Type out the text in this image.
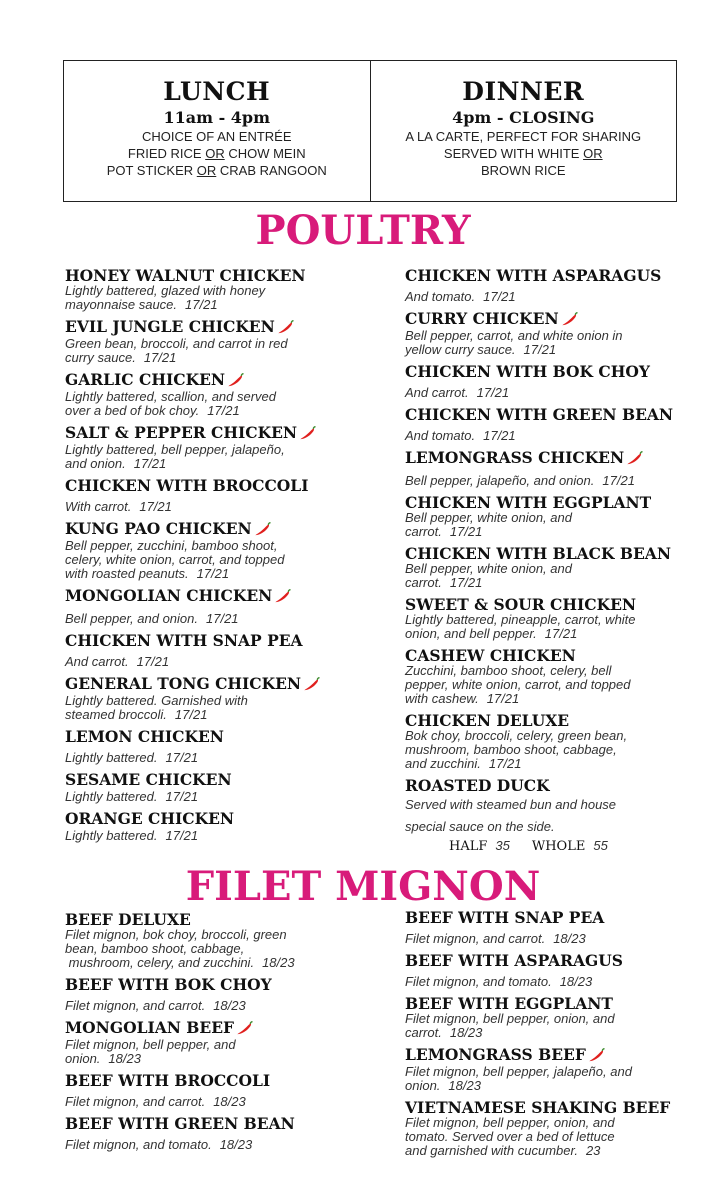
LUNCH
11am - 4pm
CHOICE OF AN ENTRÉE
FRIED RICE OR CHOW MEIN
POT STICKER OR CRAB RANGOON
DINNER
4pm - CLOSING
A LA CARTE, PERFECT FOR SHARING
SERVED WITH WHITE OR
BROWN RICE
POULTRY
HONEY WALNUT CHICKEN
Lightly battered, glazed with honey
mayonnaise sauce. 17/21
EVIL JUNGLE CHICKEN
Green bean, broccoli, and carrot in red
curry sauce. 17/21
GARLIC CHICKEN
Lightly battered, scallion, and served
over a bed of bok choy. 17/21
SALT & PEPPER CHICKEN
Lightly battered, bell pepper, jalapeño,
and onion. 17/21
CHICKEN WITH BROCCOLI
With carrot. 17/21
KUNG PAO CHICKEN
Bell pepper, zucchini, bamboo shoot,
celery, white onion, carrot, and topped
with roasted peanuts. 17/21
MONGOLIAN CHICKEN
Bell pepper, and onion. 17/21
CHICKEN WITH SNAP PEA
And carrot. 17/21
GENERAL TONG CHICKEN
Lightly battered. Garnished with
steamed broccoli. 17/21
LEMON CHICKEN
Lightly battered. 17/21
SESAME CHICKEN
Lightly battered. 17/21
ORANGE CHICKEN
Lightly battered. 17/21
CHICKEN WITH ASPARAGUS
And tomato. 17/21
CURRY CHICKEN
Bell pepper, carrot, and white onion in
yellow curry sauce. 17/21
CHICKEN WITH BOK CHOY
And carrot. 17/21
CHICKEN WITH GREEN BEAN
And tomato. 17/21
LEMONGRASS CHICKEN
Bell pepper, jalapeño, and onion. 17/21
CHICKEN WITH EGGPLANT
Bell pepper, white onion, and
carrot. 17/21
CHICKEN WITH BLACK BEAN
Bell pepper, white onion, and
carrot. 17/21
SWEET & SOUR CHICKEN
Lightly battered, pineapple, carrot, white
onion, and bell pepper. 17/21
CASHEW CHICKEN
Zucchini, bamboo shoot, celery, bell
pepper, white onion, carrot, and topped
with cashew. 17/21
CHICKEN DELUXE
Bok choy, broccoli, celery, green bean,
mushroom, bamboo shoot, cabbage,
and zucchini. 17/21
ROASTED DUCK
Served with steamed bun and house
special sauce on the side.
HALF 35 WHOLE 55
FILET MIGNON
BEEF DELUXE
Filet mignon, bok choy, broccoli, green
bean, bamboo shoot, cabbage,
mushroom, celery, and zucchini. 18/23
BEEF WITH BOK CHOY
Filet mignon, and carrot. 18/23
MONGOLIAN BEEF
Filet mignon, bell pepper, and
onion. 18/23
BEEF WITH BROCCOLI
Filet mignon, and carrot. 18/23
BEEF WITH GREEN BEAN
Filet mignon, and tomato. 18/23
BEEF WITH SNAP PEA
Filet mignon, and carrot. 18/23
BEEF WITH ASPARAGUS
Filet mignon, and tomato. 18/23
BEEF WITH EGGPLANT
Filet mignon, bell pepper, onion, and
carrot. 18/23
LEMONGRASS BEEF
Filet mignon, bell pepper, jalapeño, and
onion. 18/23
VIETNAMESE SHAKING BEEF
Filet mignon, bell pepper, onion, and
tomato. Served over a bed of lettuce
and garnished with cucumber. 23
